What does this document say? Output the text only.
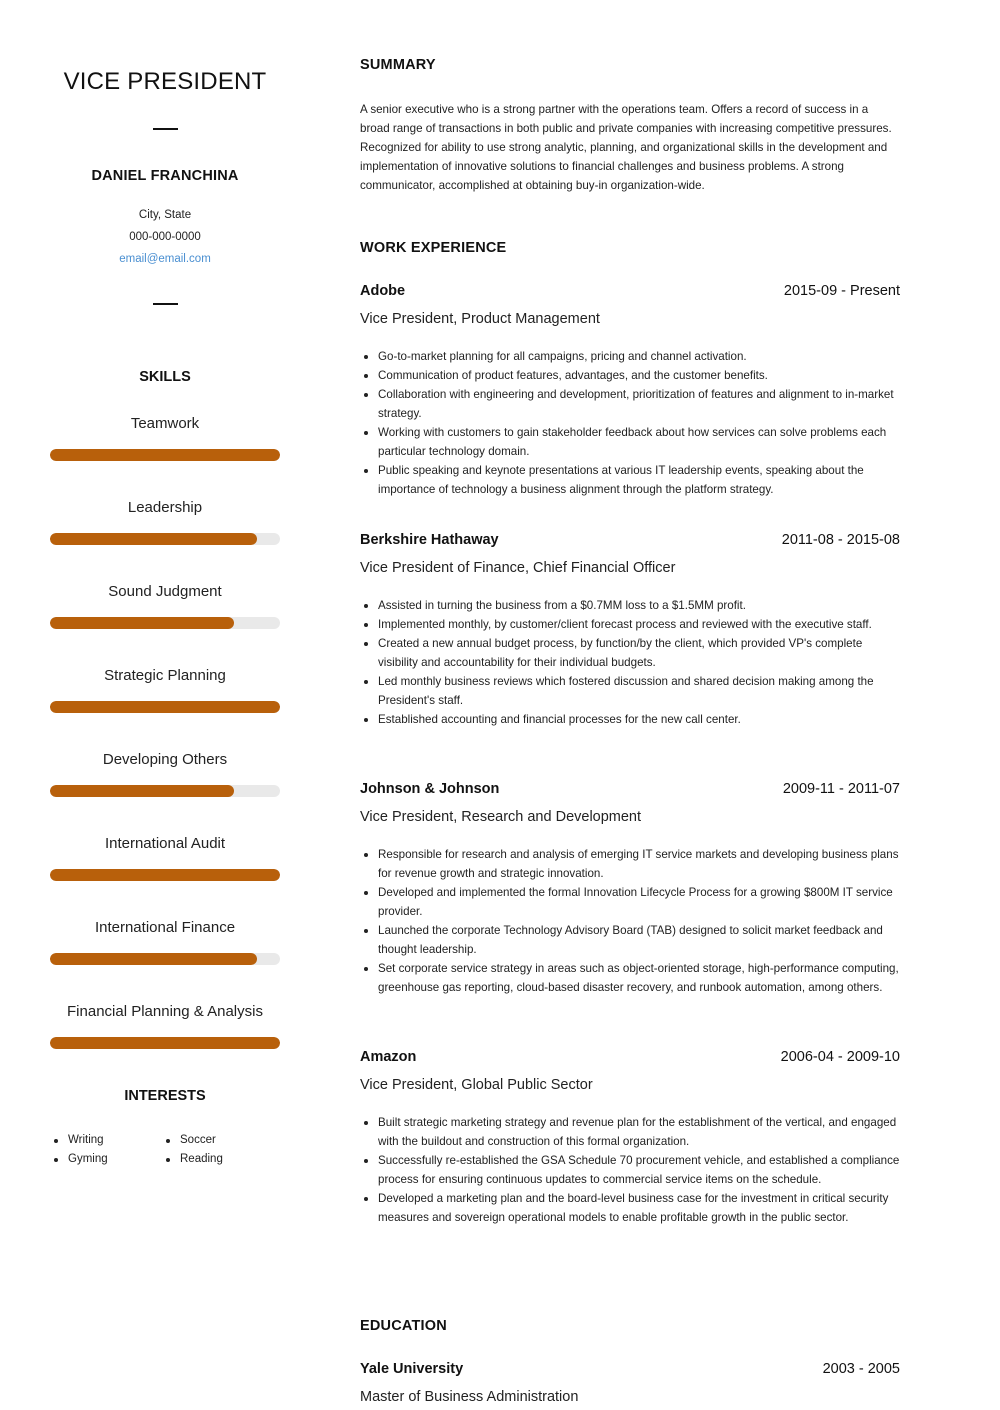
VICE PRESIDENT
DANIEL FRANCHINA
City, State
000-000-0000
email@email.com
SKILLS
Teamwork
Leadership
Sound Judgment
Strategic Planning
Developing Others
International Audit
International Finance
Financial Planning & Analysis
INTERESTS
Writing
Gyming
Soccer
Reading
SUMMARY

A senior executive who is a strong partner with the operations team. Offers a record of success in a broad range of transactions in both public and private companies with increasing competitive pressures. Recognized for ability to use strong analytic, planning, and organizational skills in the development and implementation of innovative solutions to financial challenges and business problems. A strong communicator, accomplished at obtaining buy-in organization-wide.

WORK EXPERIENCE
Adobe	2015-09 - Present
Vice President, Product Management
Go-to-market planning for all campaigns, pricing and channel activation.
Communication of product features, advantages, and the customer benefits.
Collaboration with engineering and development, prioritization of features and alignment to in-market strategy.
Working with customers to gain stakeholder feedback about how services can solve problems each particular technology domain.
Public speaking and keynote presentations at various IT leadership events, speaking about the importance of technology a business alignment through the platform strategy.
Berkshire Hathaway	2011-08 - 2015-08
Vice President of Finance, Chief Financial Officer
Assisted in turning the business from a $0.7MM loss to a $1.5MM profit.
Implemented monthly, by customer/client forecast process and reviewed with the executive staff.
Created a new annual budget process, by function/by the client, which provided VP's complete visibility and accountability for their individual budgets.
Led monthly business reviews which fostered discussion and shared decision making among the President's staff.
Established accounting and financial processes for the new call center.
Johnson & Johnson	2009-11 - 2011-07
Vice President, Research and Development
Responsible for research and analysis of emerging IT service markets and developing business plans for revenue growth and strategic innovation.
Developed and implemented the formal Innovation Lifecycle Process for a growing $800M IT service provider.
Launched the corporate Technology Advisory Board (TAB) designed to solicit market feedback and thought leadership.
Set corporate service strategy in areas such as object-oriented storage, high-performance computing, greenhouse gas reporting, cloud-based disaster recovery, and runbook automation, among others.
Amazon	2006-04 - 2009-10
Vice President, Global Public Sector
Built strategic marketing strategy and revenue plan for the establishment of the vertical, and engaged with the buildout and construction of this formal organization.
Successfully re-established the GSA Schedule 70 procurement vehicle, and established a compliance process for ensuring continuous updates to commercial service items on the schedule.
Developed a marketing plan and the board-level business case for the investment in critical security measures and sovereign operational models to enable profitable growth in the public sector.
EDUCATION
Yale University	2003 - 2005
Master of Business Administration
